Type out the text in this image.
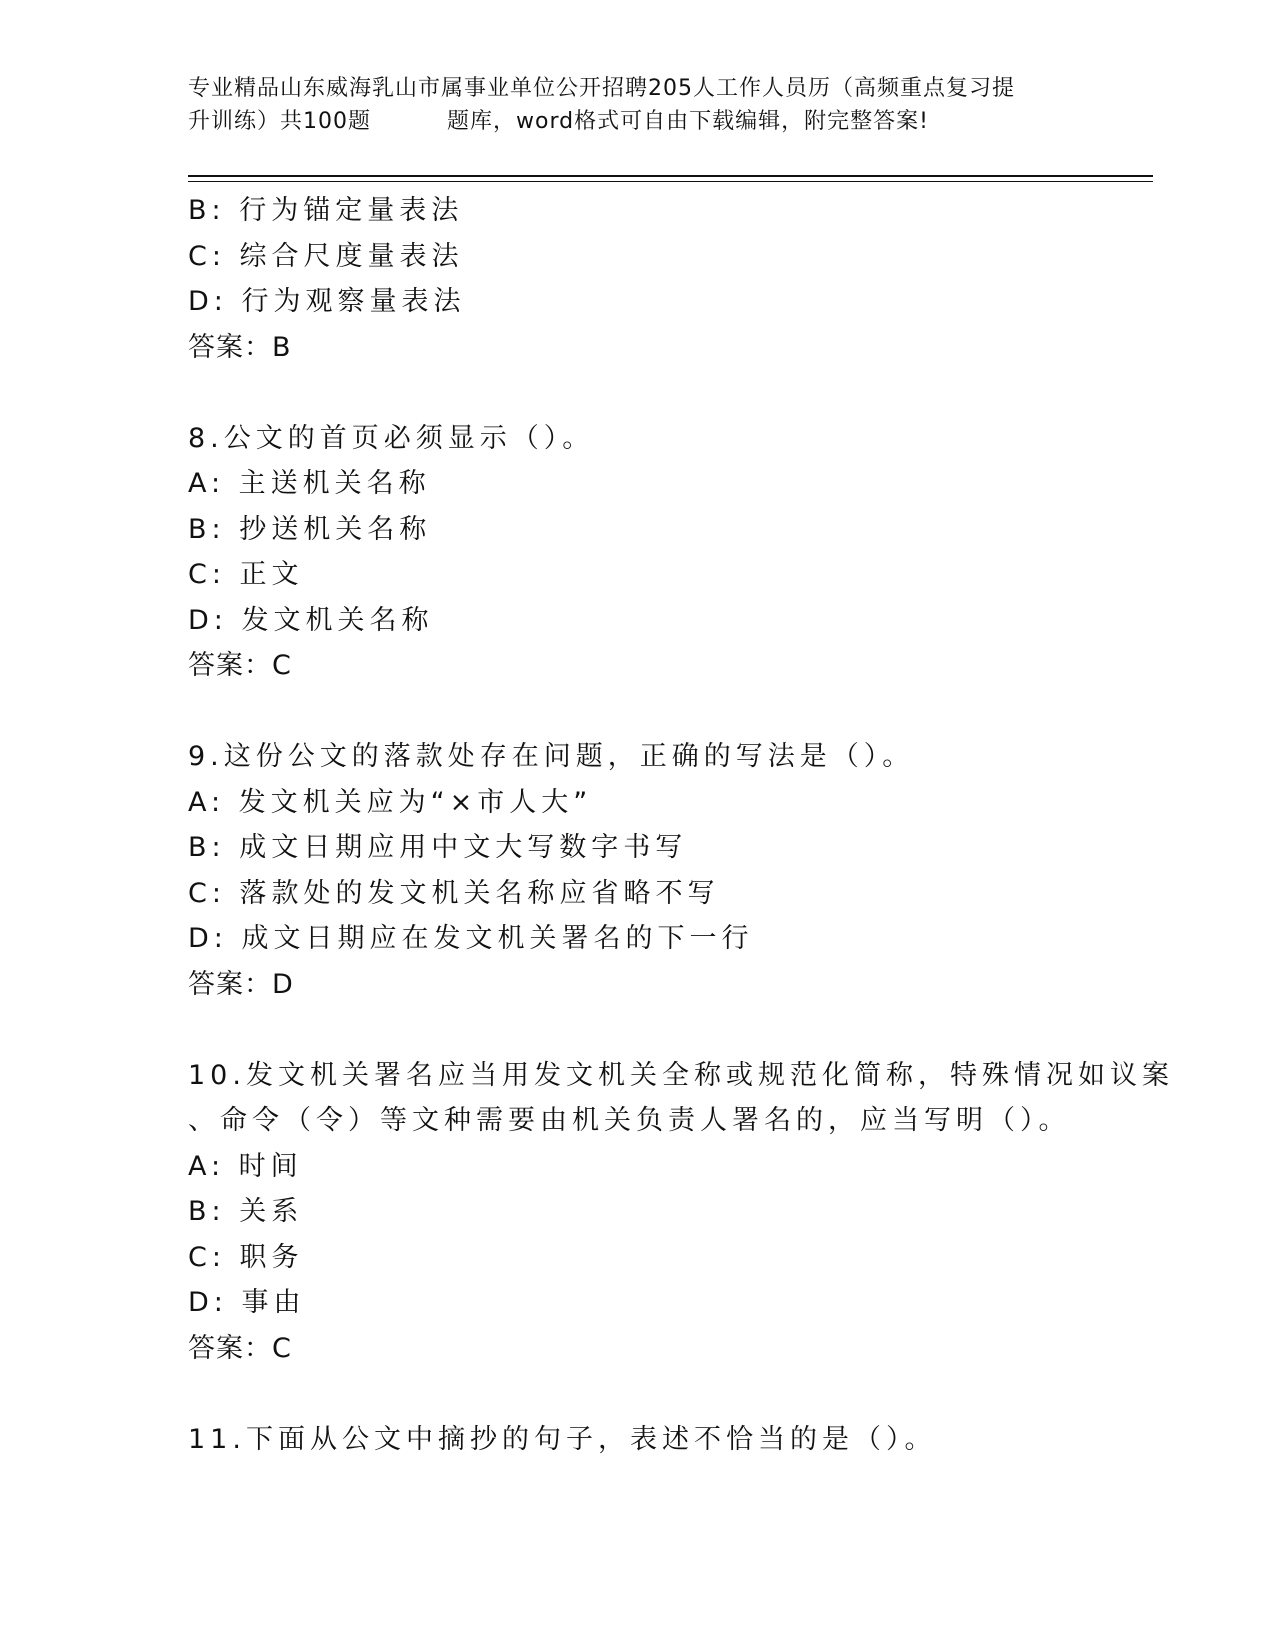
专业精品山东威海乳山市属事业单位公开招聘205人工作人员历（高频重点复习提
升训练）共100题	题库，word格式可自由下载编辑，附完整答案!
B: 行为锚定量表法
C: 综合尺度量表法
D: 行为观察量表法
答案：B
8.公文的首页必须显示（）。
A: 主送机关名称
B: 抄送机关名称
C: 正文
D: 发文机关名称
答案：C
9.这份公文的落款处存在问题，正确的写法是（）。
A: 发文机关应为“×市人大”
B: 成文日期应用中文大写数字书写
C: 落款处的发文机关名称应省略不写
D: 成文日期应在发文机关署名的下一行
答案：D
10.发文机关署名应当用发文机关全称或规范化简称，特殊情况如议案
、命令（令）等文种需要由机关负责人署名的，应当写明（）。
A: 时间
B: 关系
C: 职务
D: 事由
答案：C
11.下面从公文中摘抄的句子，表述不恰当的是（）。
